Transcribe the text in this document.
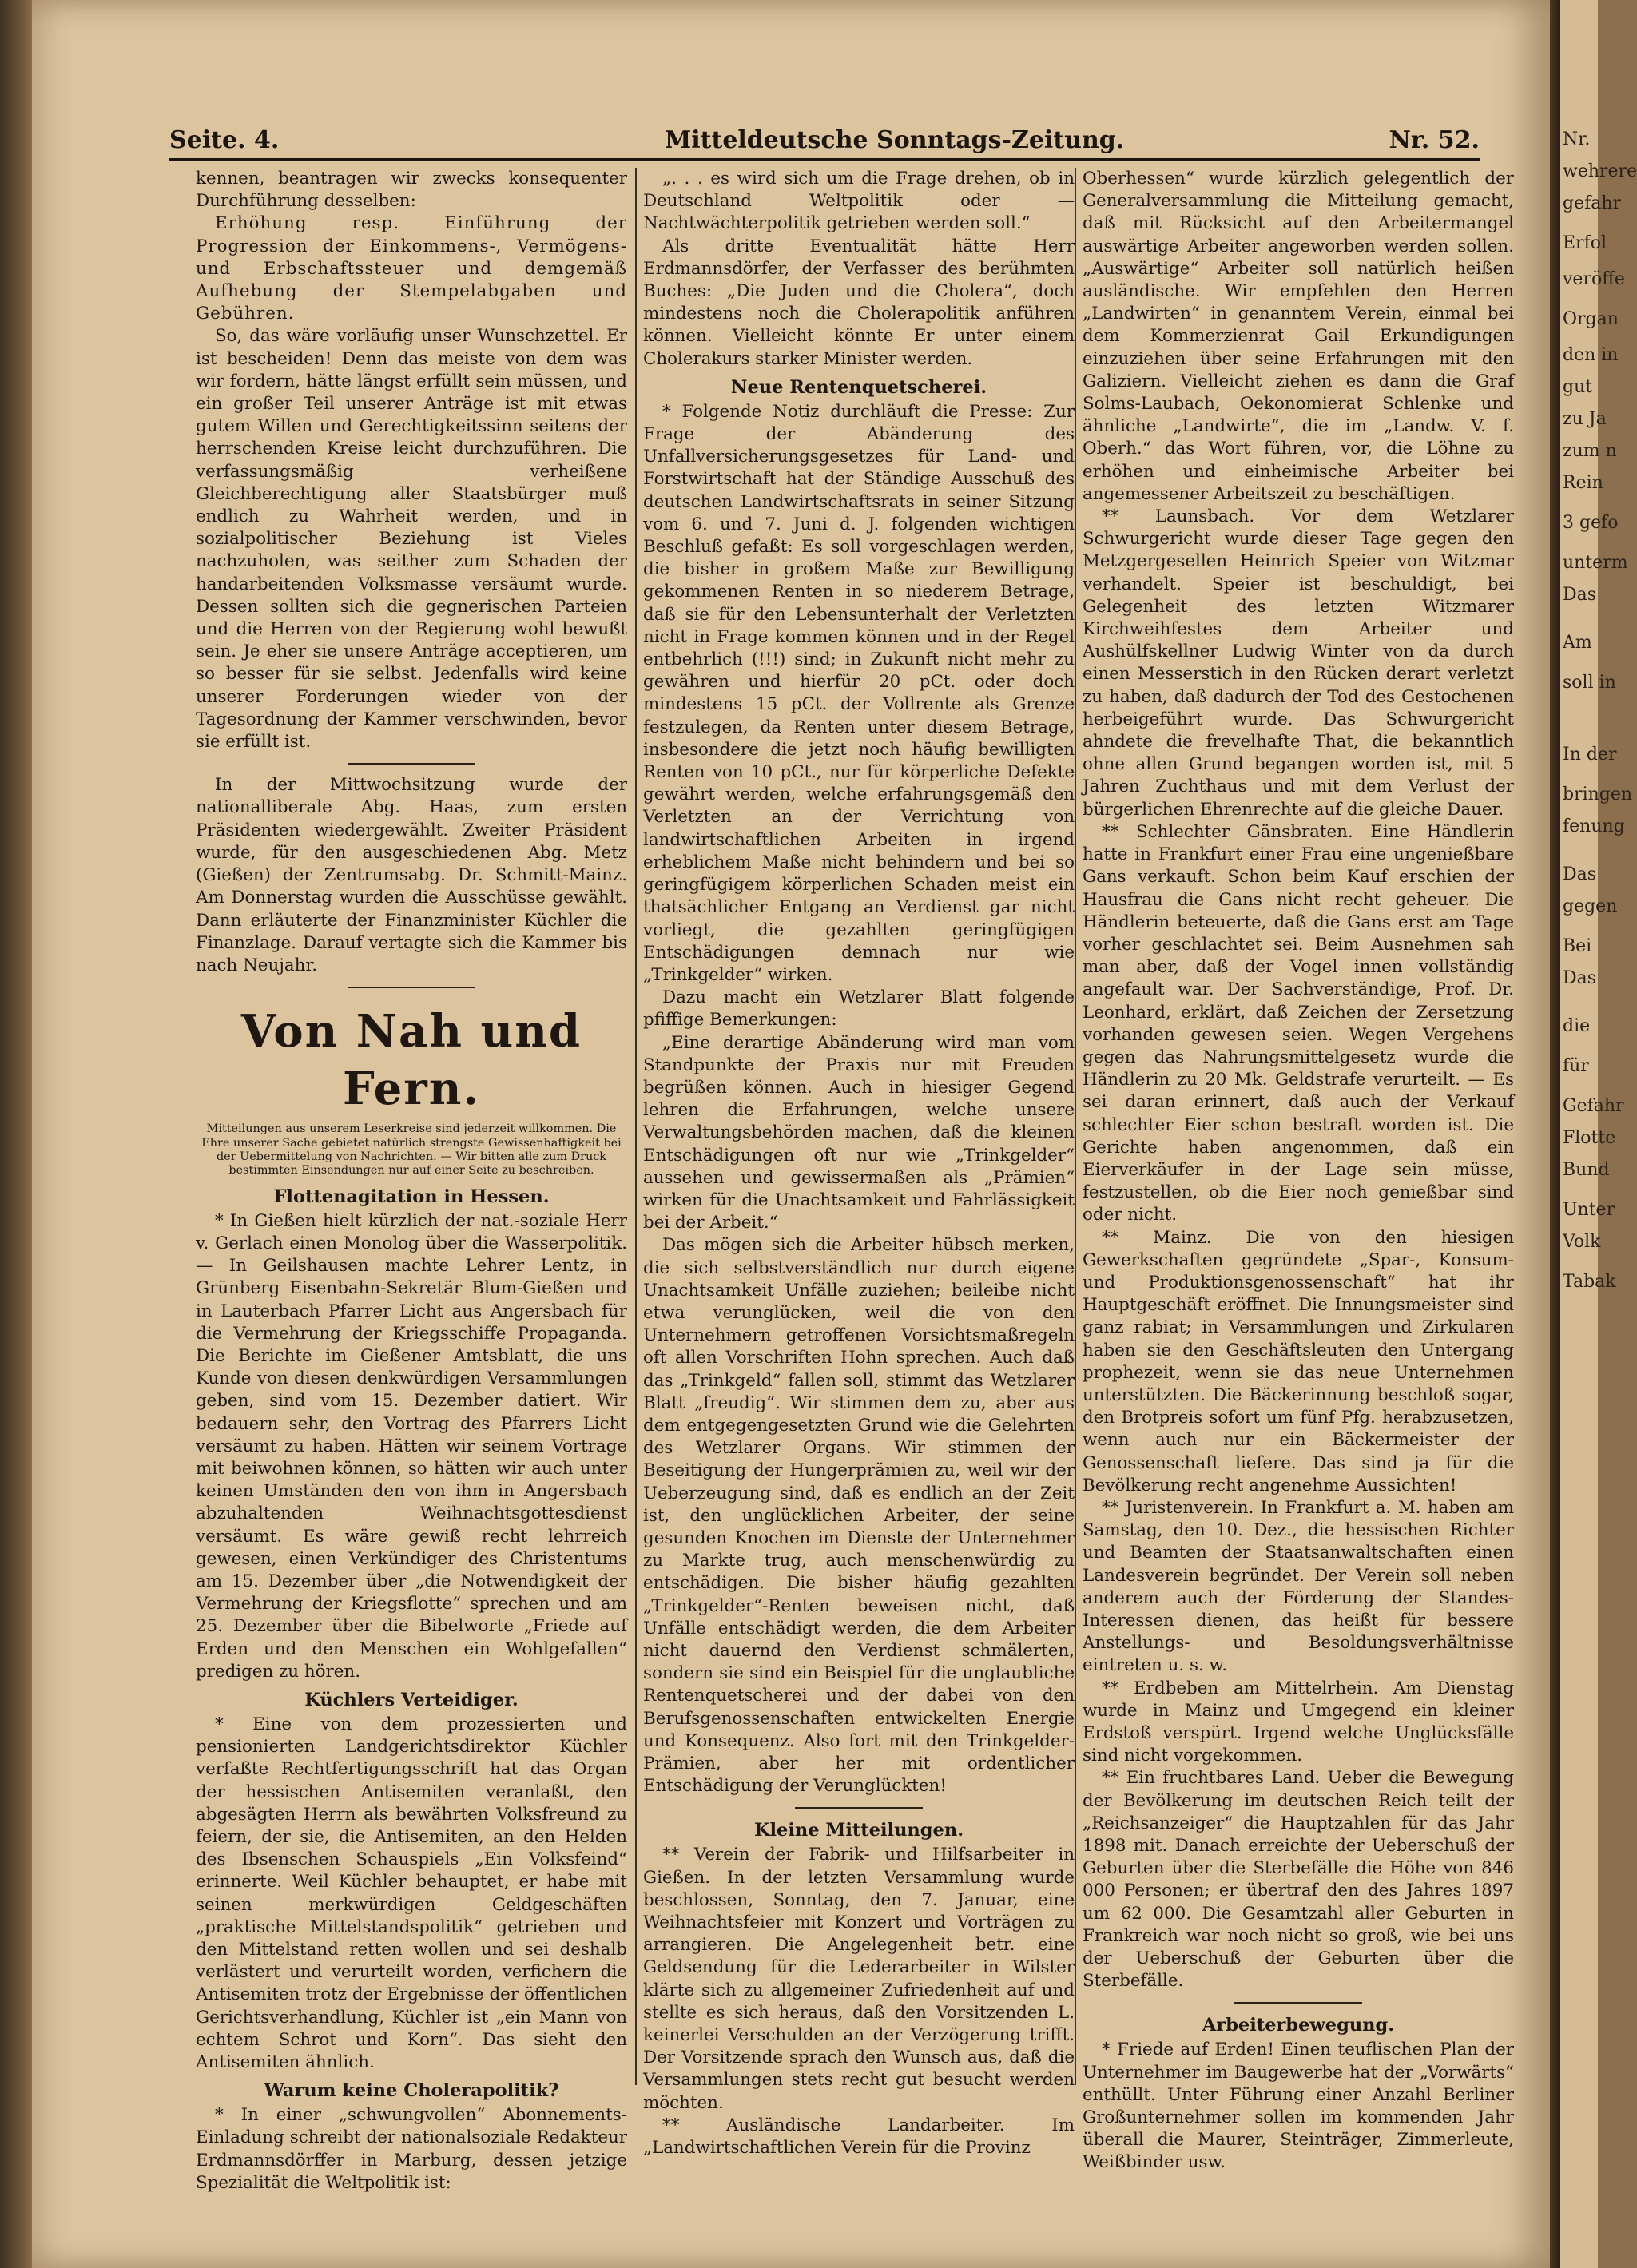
Nr.
wehrere
gefahr
Erfol
veröffe
Organ
den in
gut
zu Ja
zum n
Rein
3 gefo
unterm
Das
Am
soll in
In der
bringen
fenung
Das
gegen
Bei
Das
die
für
Gefahr
Flotte
Bund
Unter
Volk
Tabak
Seite. 4.	Mitteldeutsche Sonntags-Zeitung.	Nr. 52.

kennen, beantragen wir zwecks konsequenter Durchführung desselben:

Erhöhung resp. Einführung der Progression der Einkommens-, Vermögens- und Erbschaftssteuer und demgemäß Aufhebung der Stempelabgaben und Gebühren.

So, das wäre vorläufig unser Wunschzettel. Er ist bescheiden! Denn das meiste von dem was wir fordern, hätte längst erfüllt sein müssen, und ein großer Teil unserer Anträge ist mit etwas gutem Willen und Gerechtigkeitssinn seitens der herrschenden Kreise leicht durchzuführen. Die verfassungsmäßig verheißene Gleichberechtigung aller Staatsbürger muß endlich zu Wahrheit werden, und in sozialpolitischer Beziehung ist Vieles nachzuholen, was seither zum Schaden der handarbeitenden Volksmasse versäumt wurde. Dessen sollten sich die gegnerischen Parteien und die Herren von der Regierung wohl bewußt sein. Je eher sie unsere Anträge acceptieren, um so besser für sie selbst. Jedenfalls wird keine unserer Forderungen wieder von der Tagesordnung der Kammer verschwinden, bevor sie erfüllt ist.

In der Mittwochsitzung wurde der nationalliberale Abg. Haas, zum ersten Präsidenten wiedergewählt. Zweiter Präsident wurde, für den ausgeschiedenen Abg. Metz (Gießen) der Zentrumsabg. Dr. Schmitt-Mainz. Am Donnerstag wurden die Ausschüsse gewählt. Dann erläuterte der Finanzminister Küchler die Finanzlage. Darauf vertagte sich die Kammer bis nach Neujahr.

Von Nah und Fern.
Mitteilungen aus unserem Leserkreise sind jederzeit willkommen. Die Ehre unserer Sache gebietet natürlich strengste Gewissenhaftigkeit bei der Uebermittelung von Nachrichten. — Wir bitten alle zum Druck bestimmten Einsendungen nur auf einer Seite zu beschreiben.
Flottenagitation in Hessen.

* In Gießen hielt kürzlich der nat.-soziale Herr v. Gerlach einen Monolog über die Wasserpolitik. — In Geilshausen machte Lehrer Lentz, in Grünberg Eisenbahn-Sekretär Blum-Gießen und in Lauterbach Pfarrer Licht aus Angersbach für die Vermehrung der Kriegsschiffe Propaganda. Die Berichte im Gießener Amtsblatt, die uns Kunde von diesen denkwürdigen Versammlungen geben, sind vom 15. Dezember datiert. Wir bedauern sehr, den Vortrag des Pfarrers Licht versäumt zu haben. Hätten wir seinem Vortrage mit beiwohnen können, so hätten wir auch unter keinen Umständen den von ihm in Angersbach abzuhaltenden Weihnachtsgottesdienst versäumt. Es wäre gewiß recht lehrreich gewesen, einen Verkündiger des Christentums am 15. Dezember über „die Notwendigkeit der Vermehrung der Kriegsflotte“ sprechen und am 25. Dezember über die Bibelworte „Friede auf Erden und den Menschen ein Wohlgefallen“ predigen zu hören.

Küchlers Verteidiger.

* Eine von dem prozessierten und pensionierten Landgerichtsdirektor Küchler verfaßte Rechtfertigungsschrift hat das Organ der hessischen Antisemiten veranlaßt, den abgesägten Herrn als bewährten Volksfreund zu feiern, der sie, die Antisemiten, an den Helden des Ibsenschen Schauspiels „Ein Volksfeind“ erinnerte. Weil Küchler behauptet, er habe mit seinen merkwürdigen Geldgeschäften „praktische Mittelstandspolitik“ getrieben und den Mittelstand retten wollen und sei deshalb verlästert und verurteilt worden, verfichern die Antisemiten trotz der Ergebnisse der öffentlichen Gerichtsverhandlung, Küchler ist „ein Mann von echtem Schrot und Korn“. Das sieht den Antisemiten ähnlich.

Warum keine Cholerapolitik?

* In einer „schwungvollen“ Abonnements-Einladung schreibt der nationalsoziale Redakteur Erdmannsdörffer in Marburg, dessen jetzige Spezialität die Weltpolitik ist:

„. . . es wird sich um die Frage drehen, ob in Deutschland Weltpolitik oder — Nachtwächterpolitik getrieben werden soll.“

Als dritte Eventualität hätte Herr Erdmannsdörfer, der Verfasser des berühmten Buches: „Die Juden und die Cholera“, doch mindestens noch die Cholerapolitik anführen können. Vielleicht könnte Er unter einem Cholerakurs starker Minister werden.

Neue Rentenquetscherei.

* Folgende Notiz durchläuft die Presse: Zur Frage der Abänderung des Unfallversicherungsgesetzes für Land- und Forstwirtschaft hat der Ständige Ausschuß des deutschen Landwirtschaftsrats in seiner Sitzung vom 6. und 7. Juni d. J. folgenden wichtigen Beschluß gefaßt: Es soll vorgeschlagen werden, die bisher in großem Maße zur Bewilligung gekommenen Renten in so niederem Betrage, daß sie für den Lebensunterhalt der Verletzten nicht in Frage kommen können und in der Regel entbehrlich (!!!) sind; in Zukunft nicht mehr zu gewähren und hierfür 20 pCt. oder doch mindestens 15 pCt. der Vollrente als Grenze festzulegen, da Renten unter diesem Betrage, insbesondere die jetzt noch häufig bewilligten Renten von 10 pCt., nur für körperliche Defekte gewährt werden, welche erfahrungsgemäß den Verletzten an der Verrichtung von landwirtschaftlichen Arbeiten in irgend erheblichem Maße nicht behindern und bei so geringfügigem körperlichen Schaden meist ein thatsächlicher Entgang an Verdienst gar nicht vorliegt, die gezahlten geringfügigen Entschädigungen demnach nur wie „Trinkgelder“ wirken.

Dazu macht ein Wetzlarer Blatt folgende pfiffige Bemerkungen:

„Eine derartige Abänderung wird man vom Standpunkte der Praxis nur mit Freuden begrüßen können. Auch in hiesiger Gegend lehren die Erfahrungen, welche unsere Verwaltungsbehörden machen, daß die kleinen Entschädigungen oft nur wie „Trinkgelder“ aussehen und gewissermaßen als „Prämien“ wirken für die Unachtsamkeit und Fahrlässigkeit bei der Arbeit.“

Das mögen sich die Arbeiter hübsch merken, die sich selbstverständlich nur durch eigene Unachtsamkeit Unfälle zuziehen; beileibe nicht etwa verunglücken, weil die von den Unternehmern getroffenen Vorsichtsmaßregeln oft allen Vorschriften Hohn sprechen. Auch daß das „Trinkgeld“ fallen soll, stimmt das Wetzlarer Blatt „freudig“. Wir stimmen dem zu, aber aus dem entgegengesetzten Grund wie die Gelehrten des Wetzlarer Organs. Wir stimmen der Beseitigung der Hungerprämien zu, weil wir der Ueberzeugung sind, daß es endlich an der Zeit ist, den unglücklichen Arbeiter, der seine gesunden Knochen im Dienste der Unternehmer zu Markte trug, auch menschenwürdig zu entschädigen. Die bisher häufig gezahlten „Trinkgelder“-Renten beweisen nicht, daß Unfälle entschädigt werden, die dem Arbeiter nicht dauernd den Verdienst schmälerten, sondern sie sind ein Beispiel für die unglaubliche Rentenquetscherei und der dabei von den Berufsgenossenschaften entwickelten Energie und Konsequenz. Also fort mit den Trinkgelder-Prämien, aber her mit ordentlicher Entschädigung der Verunglückten!

Kleine Mitteilungen.

** Verein der Fabrik- und Hilfsarbeiter in Gießen. In der letzten Versammlung wurde beschlossen, Sonntag, den 7. Januar, eine Weihnachtsfeier mit Konzert und Vorträgen zu arrangieren. Die Angelegenheit betr. eine Geldsendung für die Lederarbeiter in Wilster klärte sich zu allgemeiner Zufriedenheit auf und stellte es sich heraus, daß den Vorsitzenden L. keinerlei Verschulden an der Verzögerung trifft. Der Vorsitzende sprach den Wunsch aus, daß die Versammlungen stets recht gut besucht werden möchten.

** Ausländische Landarbeiter. Im „Landwirtschaftlichen Verein für die Provinz

Oberhessen“ wurde kürzlich gelegentlich der Generalversammlung die Mitteilung gemacht, daß mit Rücksicht auf den Arbeitermangel auswärtige Arbeiter angeworben werden sollen. „Auswärtige“ Arbeiter soll natürlich heißen ausländische. Wir empfehlen den Herren „Landwirten“ in genanntem Verein, einmal bei dem Kommerzienrat Gail Erkundigungen einzuziehen über seine Erfahrungen mit den Galiziern. Vielleicht ziehen es dann die Graf Solms-Laubach, Oekonomierat Schlenke und ähnliche „Landwirte“, die im „Landw. V. f. Oberh.“ das Wort führen, vor, die Löhne zu erhöhen und einheimische Arbeiter bei angemessener Arbeitszeit zu beschäftigen.

** Launsbach. Vor dem Wetzlarer Schwurgericht wurde dieser Tage gegen den Metzgergesellen Heinrich Speier von Witzmar verhandelt. Speier ist beschuldigt, bei Gelegenheit des letzten Witzmarer Kirchweihfestes dem Arbeiter und Aushülfskellner Ludwig Winter von da durch einen Messerstich in den Rücken derart verletzt zu haben, daß dadurch der Tod des Gestochenen herbeigeführt wurde. Das Schwurgericht ahndete die frevelhafte That, die bekanntlich ohne allen Grund begangen worden ist, mit 5 Jahren Zuchthaus und mit dem Verlust der bürgerlichen Ehrenrechte auf die gleiche Dauer.

** Schlechter Gänsbraten. Eine Händlerin hatte in Frankfurt einer Frau eine ungenießbare Gans verkauft. Schon beim Kauf erschien der Hausfrau die Gans nicht recht geheuer. Die Händlerin beteuerte, daß die Gans erst am Tage vorher geschlachtet sei. Beim Ausnehmen sah man aber, daß der Vogel innen vollständig angefault war. Der Sachverständige, Prof. Dr. Leonhard, erklärt, daß Zeichen der Zersetzung vorhanden gewesen seien. Wegen Vergehens gegen das Nahrungsmittelgesetz wurde die Händlerin zu 20 Mk. Geldstrafe verurteilt. — Es sei daran erinnert, daß auch der Verkauf schlechter Eier schon bestraft worden ist. Die Gerichte haben angenommen, daß ein Eierverkäufer in der Lage sein müsse, festzustellen, ob die Eier noch genießbar sind oder nicht.

** Mainz. Die von den hiesigen Gewerkschaften gegründete „Spar-, Konsum- und Produktionsgenossenschaft“ hat ihr Hauptgeschäft eröffnet. Die Innungsmeister sind ganz rabiat; in Versammlungen und Zirkularen haben sie den Geschäftsleuten den Untergang prophezeit, wenn sie das neue Unternehmen unterstützten. Die Bäckerinnung beschloß sogar, den Brotpreis sofort um fünf Pfg. herabzusetzen, wenn auch nur ein Bäckermeister der Genossenschaft liefere. Das sind ja für die Bevölkerung recht angenehme Aussichten!

** Juristenverein. In Frankfurt a. M. haben am Samstag, den 10. Dez., die hessischen Richter und Beamten der Staatsanwaltschaften einen Landesverein begründet. Der Verein soll neben anderem auch der Förderung der Standes-Interessen dienen, das heißt für bessere Anstellungs- und Besoldungsverhältnisse eintreten u. s. w.

** Erdbeben am Mittelrhein. Am Dienstag wurde in Mainz und Umgegend ein kleiner Erdstoß verspürt. Irgend welche Unglücksfälle sind nicht vorgekommen.

** Ein fruchtbares Land. Ueber die Bewegung der Bevölkerung im deutschen Reich teilt der „Reichsanzeiger“ die Hauptzahlen für das Jahr 1898 mit. Danach erreichte der Ueberschuß der Geburten über die Sterbefälle die Höhe von 846 000 Personen; er übertraf den des Jahres 1897 um 62 000. Die Gesamtzahl aller Geburten in Frankreich war noch nicht so groß, wie bei uns der Ueberschuß der Geburten über die Sterbefälle.

Arbeiterbewegung.

* Friede auf Erden! Einen teuflischen Plan der Unternehmer im Baugewerbe hat der „Vorwärts“ enthüllt. Unter Führung einer Anzahl Berliner Großunternehmer sollen im kommenden Jahr überall die Maurer, Steinträger, Zimmerleute, Weißbinder usw.
